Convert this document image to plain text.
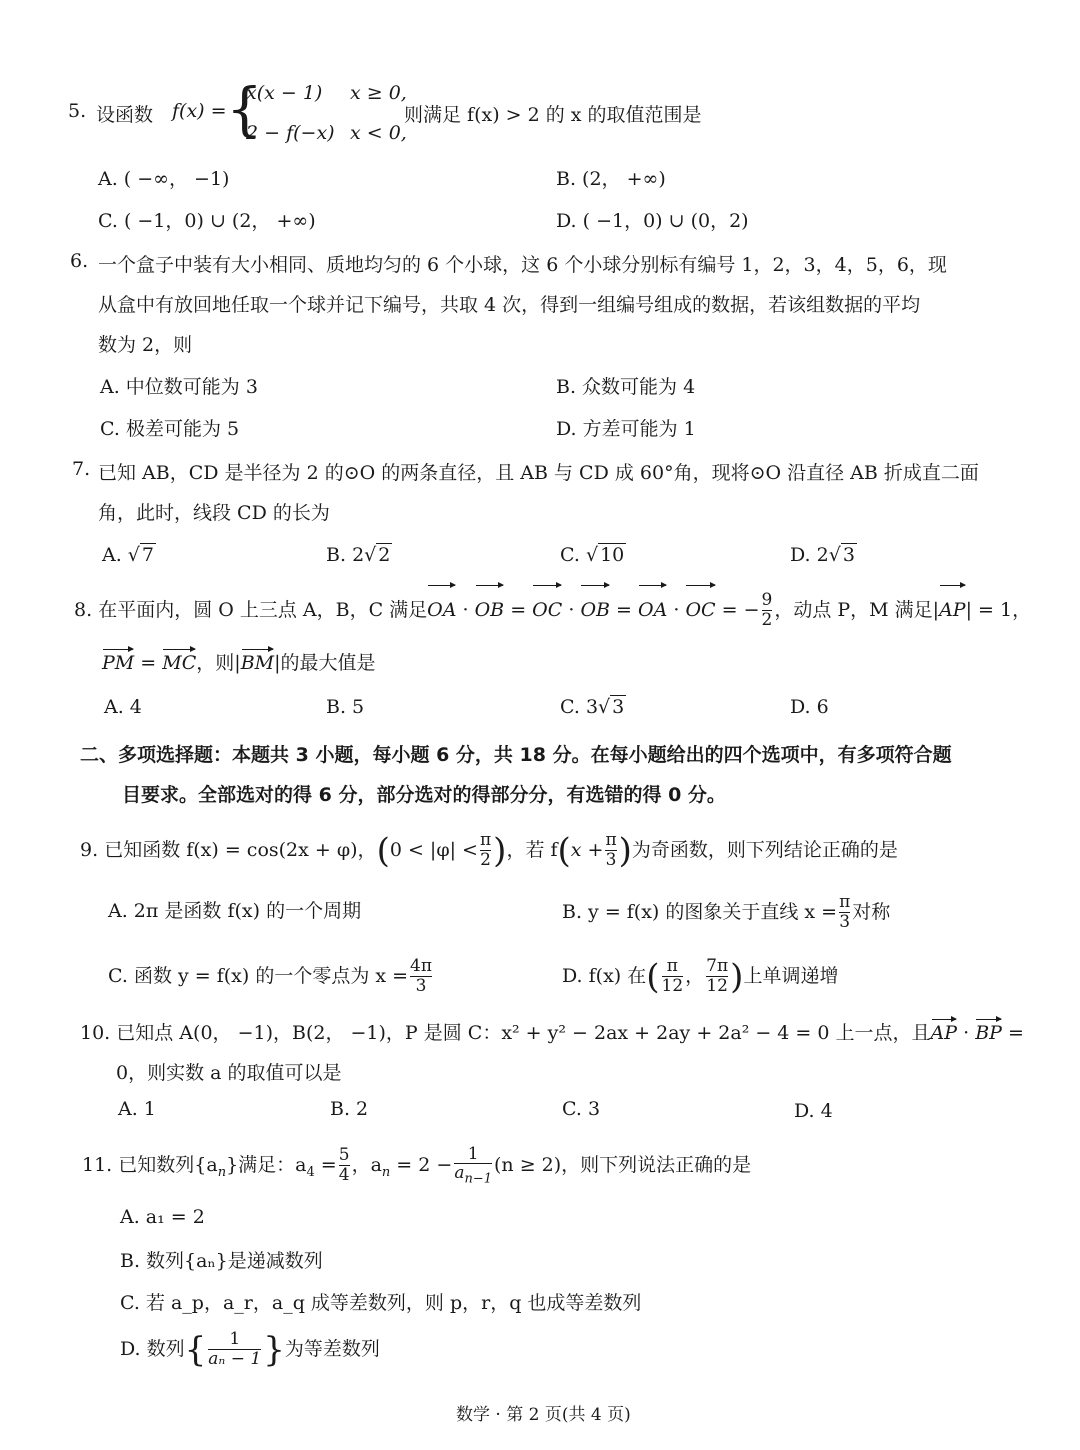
5. 设函数 f(x) = {
x(x − 1) x ≥ 0,
2 − f(−x) x < 0,
则满足 f(x) > 2 的 x 的取值范围是
A. ( −∞， −1)	B. (2， +∞)
C. ( −1，0) ∪ (2， +∞)	D. ( −1，0) ∪ (0，2)
6. 一个盒子中装有大小相同、质地均匀的 6 个小球，这 6 个小球分别标有编号 1，2，3，4，5，6，现
从盒中有放回地任取一个球并记下编号，共取 4 次，得到一组编号组成的数据，若该组数据的平均
数为 2，则
A. 中位数可能为 3	B. 众数可能为 4
C. 极差可能为 5	D. 方差可能为 1
7. 已知 AB，CD 是半径为 2 的⊙O 的两条直径，且 AB 与 CD 成 60°角，现将⊙O 沿直径 AB 折成直二面
角，此时，线段 CD 的长为
A. √ 7	B. 2√ 2	C. √ 10	D. 2√ 3
8. 在平面内，圆 O 上三点 A，B，C 满足OA · OB = OC · OB = OA · OC = − $\frac{9}{2}$ ，动点 P，M 满足|AP| = 1，
PM = MC，则|BM|的最大值是
A. 4	B. 5	C. 3√ 3	D. 6
二、多项选择题：本题共 3 小题，每小题 6 分，共 18 分。在每小题给出的四个选项中，有多项符合题
目要求。全部选对的得 6 分，部分选对的得部分分，有选错的得 0 分。
9. 已知函数 f(x) = cos(2x + φ)，($0 < |\varphi| < \frac{\pi}{2}$ )，若 $f(x + \frac{\pi}{3}$ )为奇函数，则下列结论正确的是
A. 2π 是函数 f(x) 的一个周期	B. y = f(x) 的图象关于直线 $x = \frac{\pi}{3}$ 对称
C. 函数 y = f(x) 的一个零点为 $x = \frac{4\pi}{3}$	D. f(x) 在( $\frac{\pi}{12}$ ， $\frac{7\pi}{12}$ )上单调递增
10. 已知点 A(0， −1)，B(2， −1)，P 是圆 C：x² + y² − 2ax + 2ay + 2a² − 4 = 0 上一点，且AP · BP =
0，则实数 a 的取值可以是
A. 1	B. 2	C. 3	D. 4
11. 已知数列$\{a_n\}$满足：$a_4 = \frac{5}{4}$ ，$a_n = 2 - \frac{1}{a_{n-1}} (n \ge 2)$，则下列说法正确的是
A. a₁ = 2
B. 数列{aₙ}是递减数列
C. 若 a_p，a_r，a_q 成等差数列，则 p，r，q 也成等差数列
D. 数列{ $\frac{1}{\text{aₙ − 1}}$ }为等差数列
数学 · 第 2 页(共 4 页)
